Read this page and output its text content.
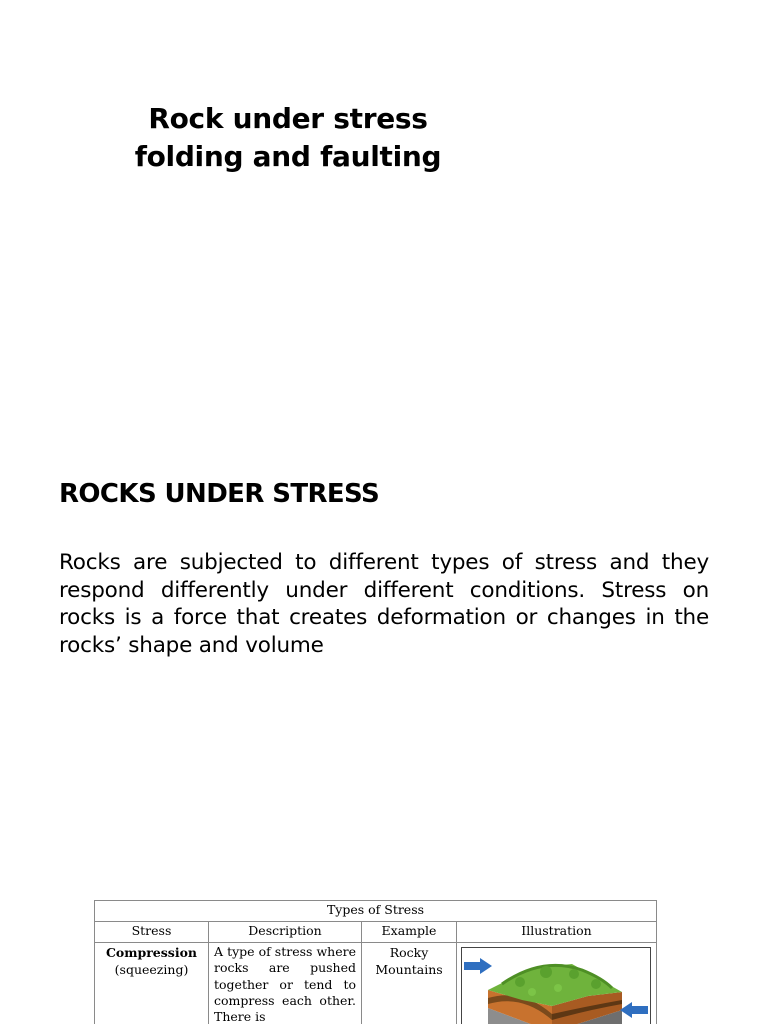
Rock under stress
folding and faulting
ROCKS UNDER STRESS
Rocks are subjected to different types of stress and they respond differently under different conditions. Stress on rocks is a force that creates deformation or changes in the rocks’ shape and volume
Types of Stress			
Stress	Description	Example	Illustration

Compression
(squeezing)	A type of stress where rocks are pushed together or tend to compress each other. There is	Rocky Mountains	
